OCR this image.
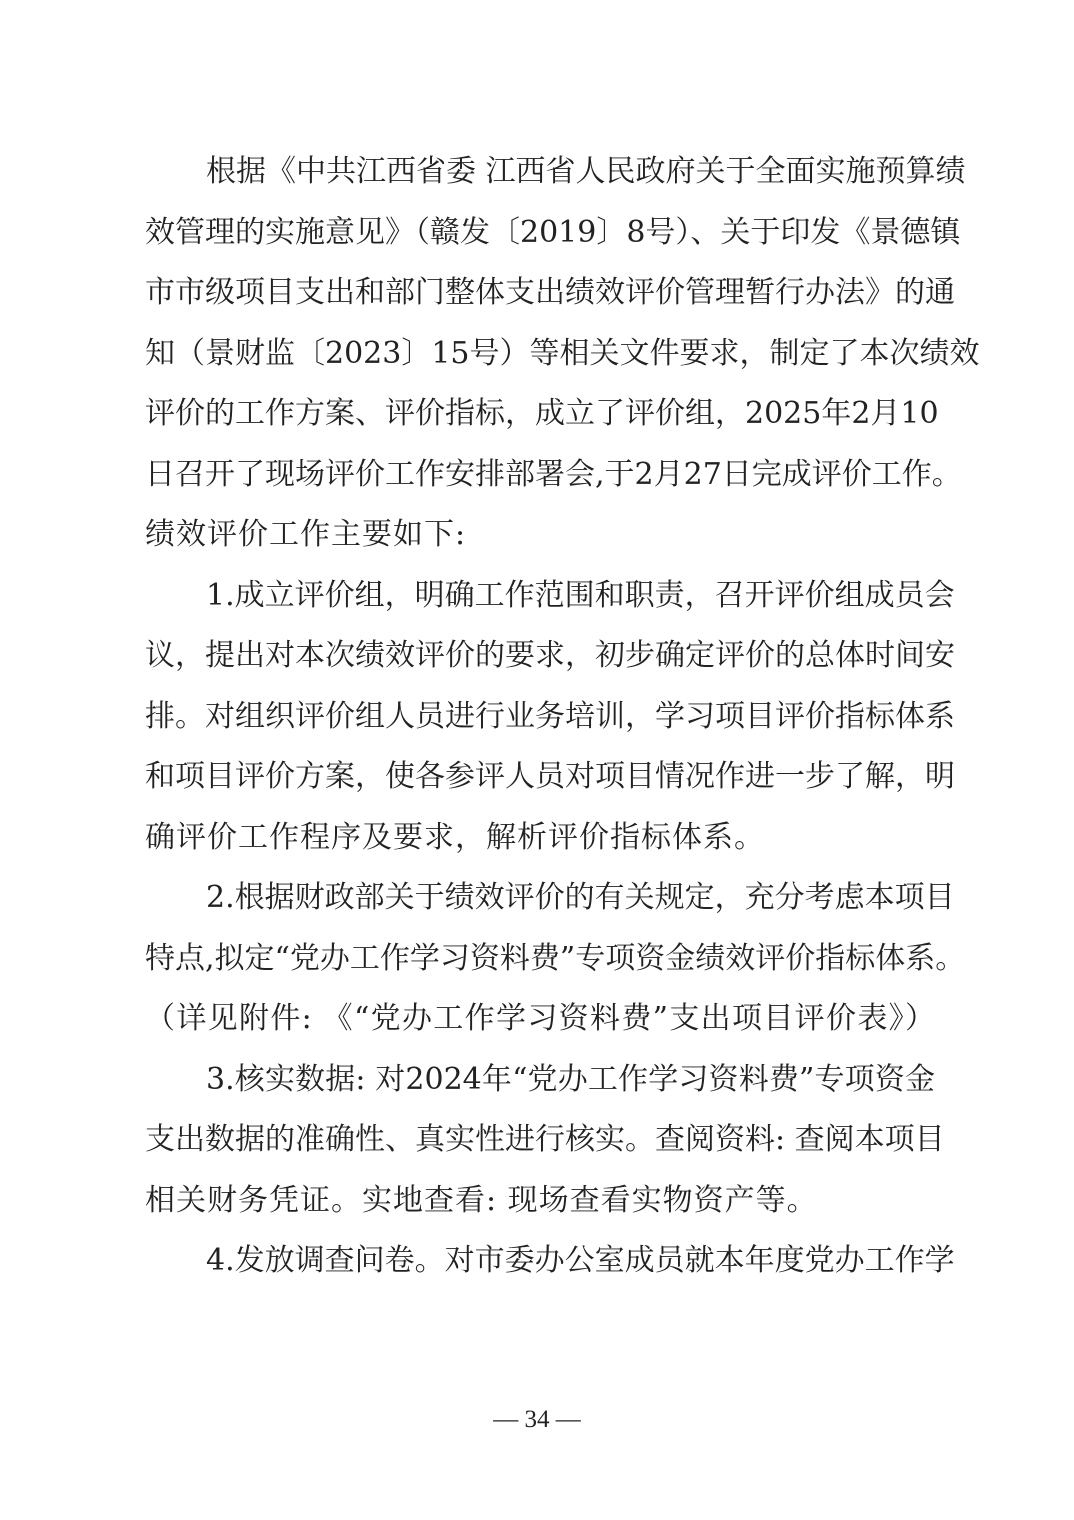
根据《中共江西省委 江西省人民政府关于全面实施预算绩
效管理的实施意见》（赣发〔2019〕8号）、关于印发《景德镇
市市级项目支出和部门整体支出绩效评价管理暂行办法》的通
知（景财监〔2023〕15号）等相关文件要求，制定了本次绩效
评价的工作方案、评价指标，成立了评价组，2025年2月10
日召开了现场评价工作安排部署会,于2月27日完成评价工作。
绩效评价工作主要如下:
1.成立评价组，明确工作范围和职责，召开评价组成员会
议，提出对本次绩效评价的要求，初步确定评价的总体时间安
排。对组织评价组人员进行业务培训，学习项目评价指标体系
和项目评价方案，使各参评人员对项目情况作进一步了解，明
确评价工作程序及要求，解析评价指标体系。
2.根据财政部关于绩效评价的有关规定，充分考虑本项目
特点,拟定“党办工作学习资料费”专项资金绩效评价指标体系。
（详见附件: 《“党办工作学习资料费”支出项目评价表》）
3.核实数据: 对2024年“党办工作学习资料费”专项资金
支出数据的准确性、真实性进行核实。查阅资料: 查阅本项目
相关财务凭证。实地查看: 现场查看实物资产等。
4.发放调查问卷。对市委办公室成员就本年度党办工作学
— 34 —
